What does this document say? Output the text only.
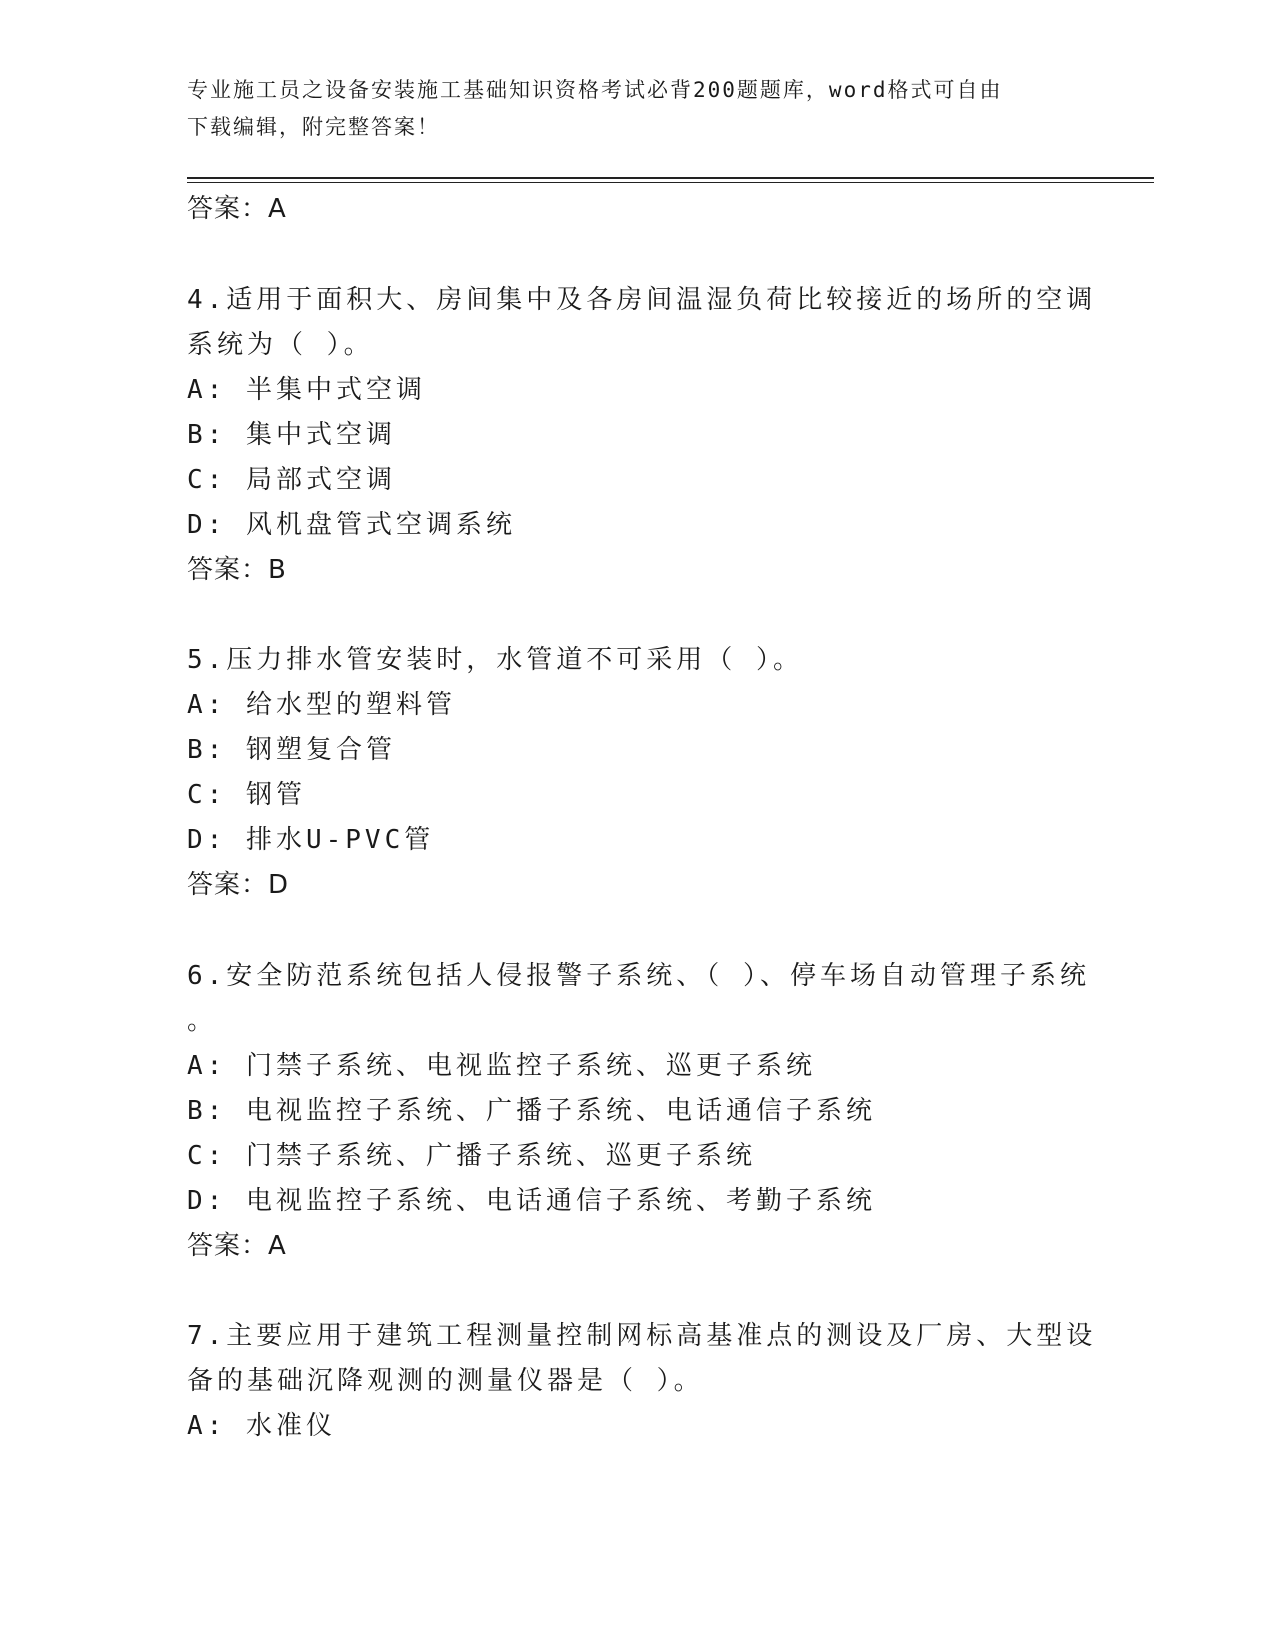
专业施工员之设备安装施工基础知识资格考试必背200题题库，word格式可自由
下载编辑，附完整答案！
答案：A
4.适用于面积大、房间集中及各房间温湿负荷比较接近的场所的空调
系统为（ ）。
A: 半集中式空调
B: 集中式空调
C: 局部式空调
D: 风机盘管式空调系统
答案：B
5.压力排水管安装时，水管道不可采用（ ）。
A: 给水型的塑料管
B: 钢塑复合管
C: 钢管
D: 排水U-PVC管
答案：D
6.安全防范系统包括人侵报警子系统、（ ）、停车场自动管理子系统
。
A: 门禁子系统、电视监控子系统、巡更子系统
B: 电视监控子系统、广播子系统、电话通信子系统
C: 门禁子系统、广播子系统、巡更子系统
D: 电视监控子系统、电话通信子系统、考勤子系统
答案：A
7.主要应用于建筑工程测量控制网标高基准点的测设及厂房、大型设
备的基础沉降观测的测量仪器是（ ）。
A: 水准仪
